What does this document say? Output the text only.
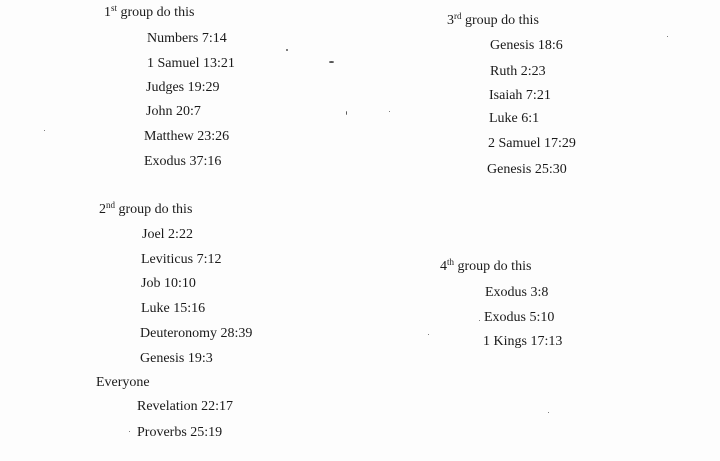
1st group do this
Numbers 7:14
1 Samuel 13:21
Judges 19:29
John 20:7
Matthew 23:26
Exodus 37:16
2nd group do this
Joel 2:22
Leviticus 7:12
Job 10:10
Luke 15:16
Deuteronomy 28:39
Genesis 19:3
Everyone
Revelation 22:17
Proverbs 25:19
3rd group do this
Genesis 18:6
Ruth 2:23
Isaiah 7:21
Luke 6:1
2 Samuel 17:29
Genesis 25:30
4th group do this
Exodus 3:8
Exodus 5:10
1 Kings 17:13
